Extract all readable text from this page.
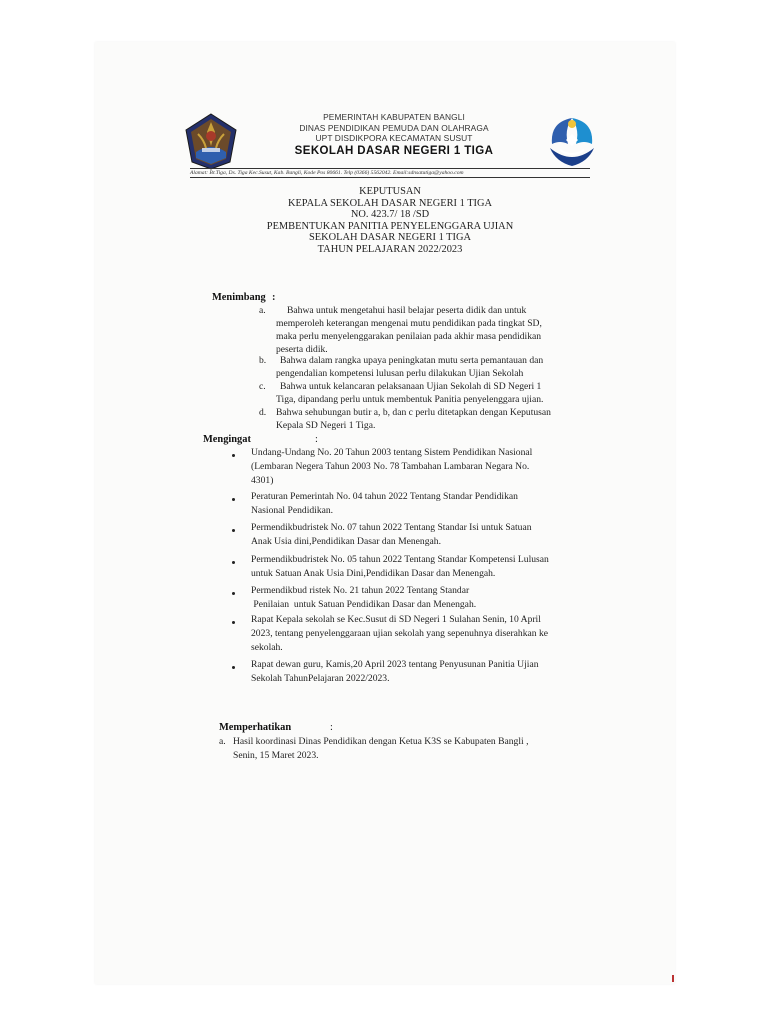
PEMERINTAH KABUPATEN BANGLI
DINAS PENDIDIKAN PEMUDA DAN OLAHRAGA
UPT DISDIKPORA KECAMATAN SUSUT
SEKOLAH DASAR NEGERI 1 TIGA
Alamat: Br.Tiga, Ds. Tiga Kec.Susut, Kab. Bangli, Kode Pos 80661. Telp (0366) 5562042. Email:sdnsatutiga@yahoo.com
KEPUTUSAN
KEPALA SEKOLAH DASAR NEGERI 1 TIGA
NO. 423.7/ 18 /SD
PEMBENTUKAN PANITIA PENYELENGGARA UJIAN
SEKOLAH DASAR NEGERI 1 TIGA
TAHUN PELAJARAN 2022/2023
Menimbang :
a. Bahwa untuk mengetahui hasil belajar peserta didik dan untuk
memperoleh keterangan mengenai mutu pendidikan pada tingkat SD,
maka perlu menyelenggarakan penilaian pada akhir masa pendidikan
peserta didik.
b. Bahwa dalam rangka upaya peningkatan mutu serta pemantauan dan
pengendalian kompetensi lulusan perlu dilakukan Ujian Sekolah
c. Bahwa untuk kelancaran pelaksanaan Ujian Sekolah di SD Negeri 1
Tiga, dipandang perlu untuk membentuk Panitia penyelenggara ujian.
d. Bahwa sehubungan butir a, b, dan c perlu ditetapkan dengan Keputusan
Kepala SD Negeri 1 Tiga.
Mengingat	:
Undang-Undang No. 20 Tahun 2003 tentang Sistem Pendidikan Nasional
(Lembaran Negera Tahun 2003 No. 78 Tambahan Lambaran Negara No.
4301)
Peraturan Pemerintah No. 04 tahun 2022 Tentang Standar Pendidikan
Nasional Pendidikan.
Permendikbudristek No. 07 tahun 2022 Tentang Standar Isi untuk Satuan
Anak Usia dini,Pendidikan Dasar dan Menengah.
Permendikbudristek No. 05 tahun 2022 Tentang Standar Kompetensi Lulusan
untuk Satuan Anak Usia Dini,Pendidikan Dasar dan Menengah.
Permendikbud ristek No. 21 tahun 2022 Tentang Standar
Penilaian  untuk Satuan Pendidikan Dasar dan Menengah.
Rapat Kepala sekolah se Kec.Susut di SD Negeri 1 Sulahan Senin, 10 April
2023, tentang penyelenggaraan ujian sekolah yang sepenuhnya diserahkan ke
sekolah.
Rapat dewan guru, Kamis,20 April 2023 tentang Penyusunan Panitia Ujian
Sekolah TahunPelajaran 2022/2023.
Memperhatikan	:
a. Hasil koordinasi Dinas Pendidikan dengan Ketua K3S se Kabupaten Bangli ,
Senin, 15 Maret 2023.
